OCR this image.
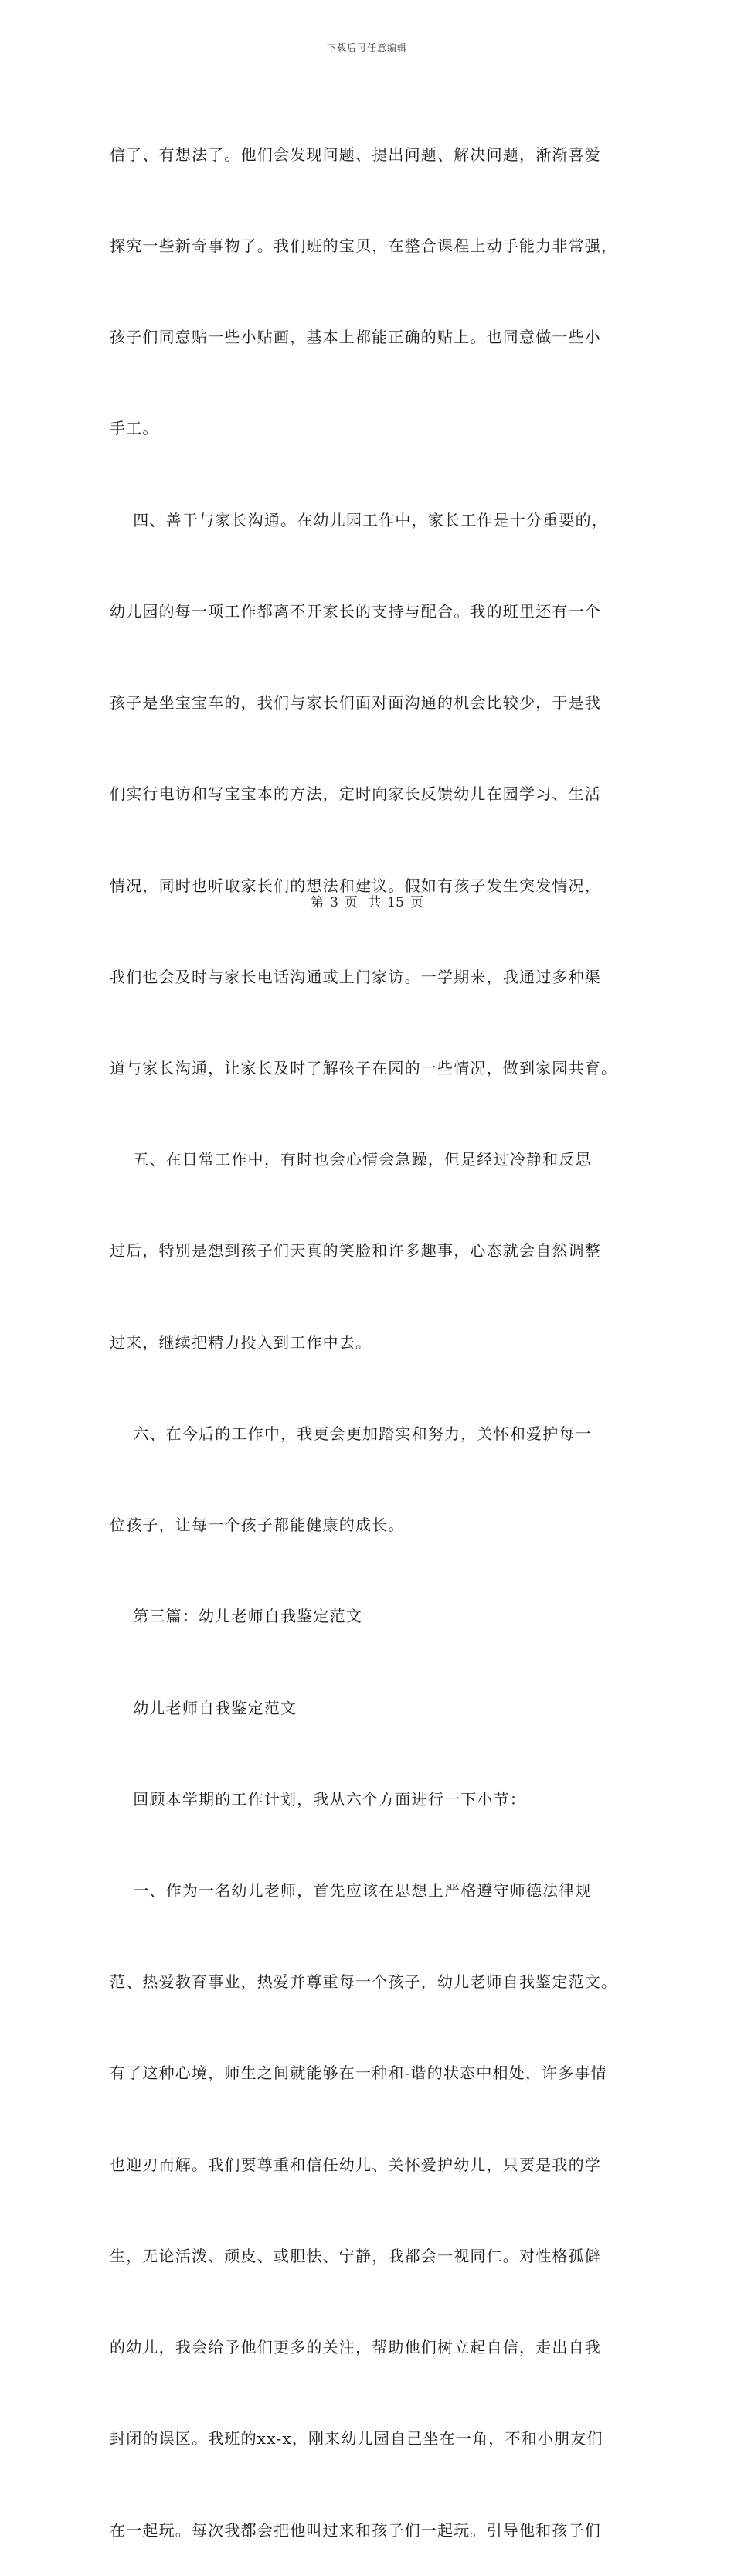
下载后可任意编辑

信了、有想法了。他们会发现问题、提出问题、解决问题，渐渐喜爱

探究一些新奇事物了。我们班的宝贝，在整合课程上动手能力非常强，

孩子们同意贴一些小贴画，基本上都能正确的贴上。也同意做一些小

手工。

四、善于与家长沟通。在幼儿园工作中，家长工作是十分重要的，

幼儿园的每一项工作都离不开家长的支持与配合。我的班里还有一个

孩子是坐宝宝车的，我们与家长们面对面沟通的机会比较少，于是我

们实行电访和写宝宝本的方法，定时向家长反馈幼儿在园学习、生活

情况，同时也听取家长们的想法和建议。假如有孩子发生突发情况，

我们也会及时与家长电话沟通或上门家访。一学期来，我通过多种渠

道与家长沟通，让家长及时了解孩子在园的一些情况，做到家园共育。

五、在日常工作中，有时也会心情会急躁，但是经过冷静和反思

过后，特别是想到孩子们天真的笑脸和许多趣事，心态就会自然调整

过来，继续把精力投入到工作中去。

六、在今后的工作中，我更会更加踏实和努力，关怀和爱护每一

位孩子，让每一个孩子都能健康的成长。

第三篇：幼儿老师自我鉴定范文

幼儿老师自我鉴定范文

回顾本学期的工作计划，我从六个方面进行一下小节：

一、作为一名幼儿老师，首先应该在思想上严格遵守师德法律规

范、热爱教育事业，热爱并尊重每一个孩子，幼儿老师自我鉴定范文。

有了这种心境，师生之间就能够在一种和-谐的状态中相处，许多事情

也迎刃而解。我们要尊重和信任幼儿、关怀爱护幼儿，只要是我的学

生，无论活泼、顽皮、或胆怯、宁静，我都会一视同仁。对性格孤僻

的幼儿，我会给予他们更多的关注，帮助他们树立起自信，走出自我

封闭的误区。我班的xx-x，刚来幼儿园自己坐在一角，不和小朋友们

在一起玩。每次我都会把他叫过来和孩子们一起玩。引导他和孩子们

第 3 页 共 15 页
